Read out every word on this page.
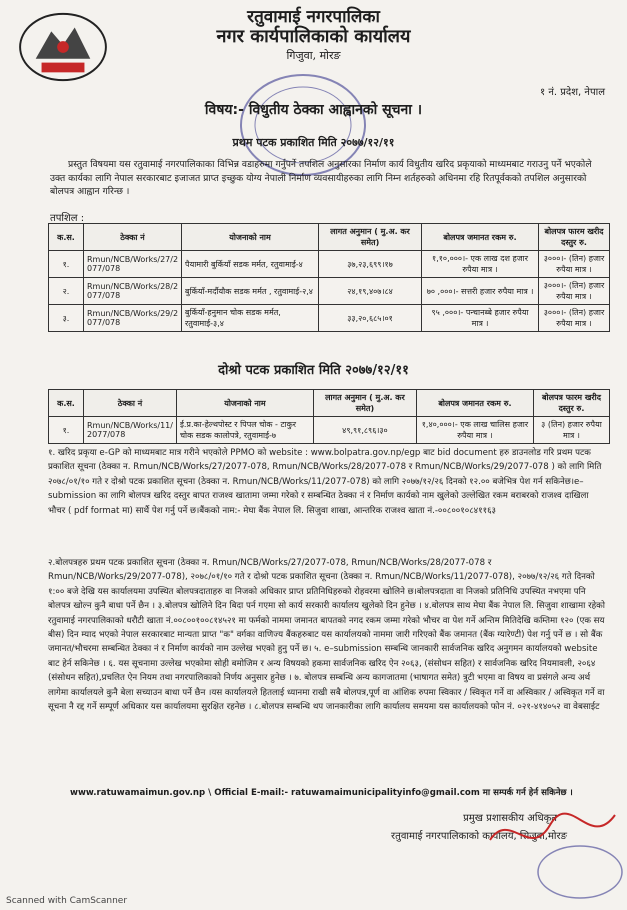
रतुवामाई नगरपालिका
नगर कार्यपालिकाको कार्यालय
गिजुवा, मोरङ
१ नं. प्रदेश, नेपाल
विषय:- विधुतीय ठेक्का आह्वानको सूचना ।
प्रथम पटक प्रकाशित मिति २०७७/१२/११
प्रस्तुत विषयमा यस रतुवामाई नगरपालिकाका विभिन्न वडाहरुमा गर्नुपर्ने तपशिल अनुसारका निर्माण कार्य विधुतीय खरिद प्रकृयाको माध्यमबाट गराउनु पर्ने भएकोले उक्त कार्यका लागि नेपाल सरकारबाट इजाजत प्राप्त इच्छुक योग्य नेपाली निर्माण व्यवसायीहरुका लागि निम्न शर्तहरुको अधिनमा रहि रितपूर्वकको तपशिल अनुसारको बोलपत्र आह्वान गरिन्छ ।
तपशिल :
क.स.	ठेक्का नं	योजनाको नाम	लागत अनुमान ( मु.अ. कर समेत)	बोलपत्र जमानत रकम रु.	बोलपत्र फारम खरीद दस्तुर रु.
१.	Rmun/NCB/Works/27/2 077/078	पैयामारी बुर्कियाँ सडक मर्मत, रतुवामाई-४	३७,२३,६९९।१७	१,१०,०००।- एक लाख दश हजार रुपैया मात्र ।	३०००।- (तिन) हजार रुपैया मात्र ।
२.	Rmun/NCB/Works/28/2 077/078	बुर्कियाँ-मर्दौयौक सडक मर्मत , रतुवामाई-२,४	२४,१९,४०७।८४	७० ,०००।- सत्तरी हजार रुपैया मात्र ।	३०००।- (तिन) हजार रुपैया मात्र ।
३.	Rmun/NCB/Works/29/2 077/078	बुर्कियाँ-हनुमान चोक सडक मर्मत, रतुवामाई-३,४	३३,२०,६८५।०१	९५ ,०००।- पन्चानब्बे हजार रुपैया मात्र ।	३०००।- (तिन) हजार रुपैया मात्र ।
दोश्रो पटक प्रकाशित मिति २०७७/१२/११
क.स.	ठेक्का नं	योजनाको नाम	लागत अनुमान ( मु.अ. कर समेत)	बोलपत्र जमानत रकम रु.	बोलपत्र फारम खरीद दस्तुर रु.
१.	Rmun/NCB/Works/11/ 2077/078	ई.प्र.का-हेल्थपोस्ट र पिपल चोक - टाकुर चोक सडक कालोपत्रे, रतुवामाई-७	४९,९१,८९६।३०	१,४०,०००।- एक लाख चालिस हजार रुपैया मात्र ।	३ (तिन) हजार रुपैया मात्र ।
१. खरिद प्रकृया e-GP को माध्यमबाट मात्र गरीने भएकोले PPMO को website : www.bolpatra.gov.np/egp बाट bid document हरु डाउनलोड गरि प्रथम पटक प्रकाशित सूचना (ठेक्का न. Rmun/NCB/Works/27/2077-078, Rmun/NCB/Works/28/2077-078 र Rmun/NCB/Works/29/2077-078 ) को लागि मिति २०७८/०१/१० गते र दोश्रो पटक प्रकाशित सूचना (ठेक्का न. Rmun/NCB/Works/11/2077-078) को लागि २०७७/१२/२६ दिनको १२.०० बजेभित्र पेश गर्न सकिनेछ।e–submission का लागि बोलपत्र खरिद दस्तुर बापत राजश्व खातामा जम्मा गरेको र सम्बन्धित ठेक्का नं र निर्माण कार्यको नाम खुलेको उल्लेखित रकम बराबरको राजश्व दाखिला भौचर ( pdf format मा) सार्थै पेश गर्नु पर्ने छ।बैंकको नाम:- मेघा बैंक नेपाल लि. सिजुवा शाखा, आन्तरिक राजश्व खाता नं.-००८००१०८४११६३
२.बोलपत्रहरु प्रथम पटक प्रकाशित सूचना (ठेक्का न. Rmun/NCB/Works/27/2077-078, Rmun/NCB/Works/28/2077-078 र Rmun/NCB/Works/29/2077-078), २०७८/०१/१० गते र दोश्रो पटक प्रकाशित सूचना (ठेक्का न. Rmun/NCB/Works/11/2077-078), २०७७/१२/२६ गते दिनको १:०० बजे देखि यस कार्यालयमा उपस्थित बोलपत्रदाताहरु वा निजको अधिकार प्राप्त प्रतिनिधिहरुको रोहवरमा खोलिने छ।बोलपत्रदाता वा निजको प्रतिनिधि उपस्थित नभएमा पनि बोलपत्र खोल्न कुनै बाधा पर्ने छैन । ३.बोलपत्र खोलिने दिन बिदा पर्न गएमा सो कार्य सरकारी कार्यालय खुलेको दिन हुनेछ । ४.बोलपत्र साथ मेघा बैंक नेपाल लि. सिजुवा शाखामा रहेको रतुवामाई नगरपालिकाको धरौटी खाता नं.००८००१००८१४५२१ मा फर्मको नाममा जमानत बापतको नगद रकम जम्मा गरेको भौचर वा पेश गर्ने अन्तिम मितिदेखि कम्तिमा १२० (एक सय बीस) दिन म्याद भएको नेपाल सरकारबाट मान्यता प्राप्त "क" वर्गका वाणिज्य बैंकहरुबाट यस कार्यालयको नाममा जारी गरिएको बैंक जमानत (बैंक ग्यारेण्टी) पेश गर्नु पर्ने छ । सो बैंक जमानत/भौचरमा सम्बन्धित ठेक्का नं र निर्माण कार्यको नाम उल्लेख भएको हुनु पर्ने छ। ५. e–submission सम्बन्धि जानकारी सार्वजनिक खरिद अनुगमन कार्यालयको website बाट हेर्न सकिनेछ । ६. यस सूचनामा उल्लेख भएकोमा सोही बमोजिम र अन्य विषयको हकमा सार्वजनिक खरिद ऐन २०६३, (संसोधन सहित) र सार्वजनिक खरिद नियमावली, २०६४ (संसोधन सहित),प्रचलित ऐन नियम तथा नगरपालिकाको निर्णय अनुसार हुनेछ । ७. बोलपत्र सम्बन्धि अन्य कागजातमा (भाषागत समेत) त्रुटी भएमा वा विषय वा प्रसंगले अन्य अर्थ लागेमा कार्यालयले कुनै बेला सच्याउन बाधा पर्ने छैन ।यस कार्यालयले हितलाई ध्यानमा राखी सबै बोलपत्र,पूर्ण वा आंशिक रुपमा स्विकार / स्विकृत गर्ने वा अस्विकार / अस्विकृत गर्ने वा सूचना नै रद्द गर्ने सम्पूर्ण अधिकार यस कार्यालयमा सुरक्षित रहनेछ । ८.बोलपत्र सम्बन्धि थप जानकारीका लागि कार्यालय समयमा यस कार्यालयको फोन नं. ०२१-४१४०५२ वा वेबसाईट
www.ratuwamaimun.gov.np \ Official E-mail:- ratuwamaimunicipalityinfo@gmail.com मा सम्पर्क गर्न हेर्न सकिनेछ ।
प्रमुख प्रशासकीय अधिकृत
रतुवामाई नगरपालिकाको कार्यालय, सिजुवा,मोरङ
Scanned with CamScanner
